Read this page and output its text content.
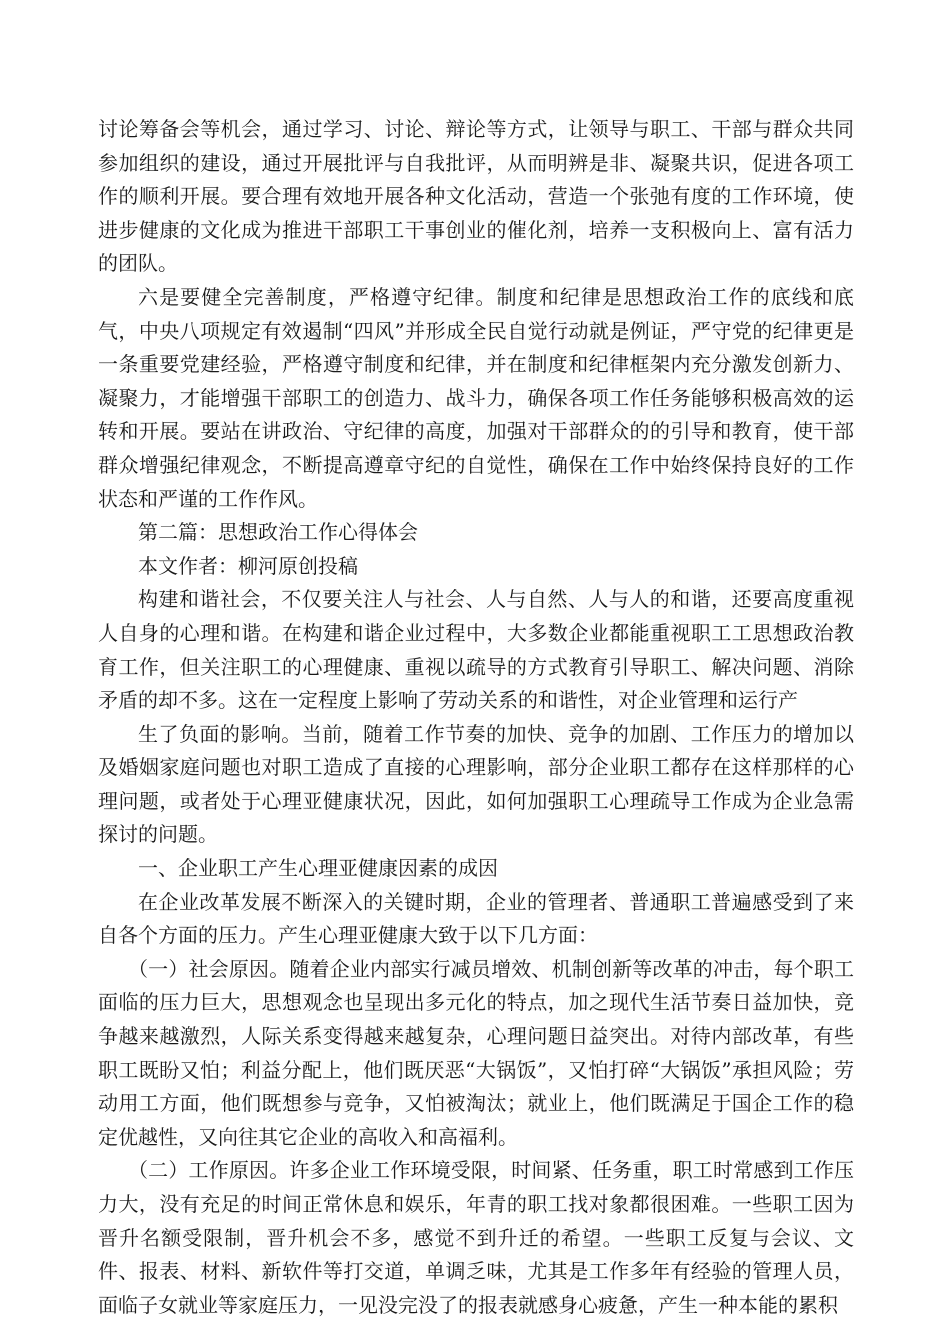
讨论筹备会等机会，通过学习、讨论、辩论等方式，让领导与职工、干部与群众共同参加组织的建设，通过开展批评与自我批评，从而明辨是非、凝聚共识，促进各项工作的顺利开展。要合理有效地开展各种文化活动，营造一个张弛有度的工作环境，使进步健康的文化成为推进干部职工干事创业的催化剂，培养一支积极向上、富有活力的团队。

六是要健全完善制度，严格遵守纪律。制度和纪律是思想政治工作的底线和底气，中央八项规定有效遏制“四风”并形成全民自觉行动就是例证，严守党的纪律更是一条重要党建经验，严格遵守制度和纪律，并在制度和纪律框架内充分激发创新力、凝聚力，才能增强干部职工的创造力、战斗力，确保各项工作任务能够积极高效的运转和开展。要站在讲政治、守纪律的高度，加强对干部群众的的引导和教育，使干部群众增强纪律观念，不断提高遵章守纪的自觉性，确保在工作中始终保持良好的工作状态和严谨的工作作风。

第二篇：思想政治工作心得体会

本文作者：柳河原创投稿

构建和谐社会，不仅要关注人与社会、人与自然、人与人的和谐，还要高度重视人自身的心理和谐。在构建和谐企业过程中，大多数企业都能重视职工工思想政治教育工作，但关注职工的心理健康、重视以疏导的方式教育引导职工、解决问题、消除矛盾的却不多。这在一定程度上影响了劳动关系的和谐性，对企业管理和运行产

生了负面的影响。当前，随着工作节奏的加快、竞争的加剧、工作压力的增加以及婚姻家庭问题也对职工造成了直接的心理影响，部分企业职工都存在这样那样的心理问题，或者处于心理亚健康状况，因此，如何加强职工心理疏导工作成为企业急需探讨的问题。

一、企业职工产生心理亚健康因素的成因

在企业改革发展不断深入的关键时期，企业的管理者、普通职工普遍感受到了来自各个方面的压力。产生心理亚健康大致于以下几方面：

（一）社会原因。随着企业内部实行减员增效、机制创新等改革的冲击，每个职工面临的压力巨大，思想观念也呈现出多元化的特点，加之现代生活节奏日益加快，竞争越来越激烈，人际关系变得越来越复杂，心理问题日益突出。对待内部改革，有些职工既盼又怕；利益分配上，他们既厌恶“大锅饭”，又怕打碎“大锅饭”承担风险；劳动用工方面，他们既想参与竞争，又怕被淘汰；就业上，他们既满足于国企工作的稳定优越性，又向往其它企业的高收入和高福利。

（二）工作原因。许多企业工作环境受限，时间紧、任务重，职工时常感到工作压力大，没有充足的时间正常休息和娱乐，年青的职工找对象都很困难。一些职工因为晋升名额受限制，晋升机会不多，感觉不到升迁的希望。一些职工反复与会议、文件、报表、材料、新软件等打交道，单调乏味，尤其是工作多年有经验的管理人员，面临子女就业等家庭压力，一见没完没了的报表就感身心疲惫，产生一种本能的累积
